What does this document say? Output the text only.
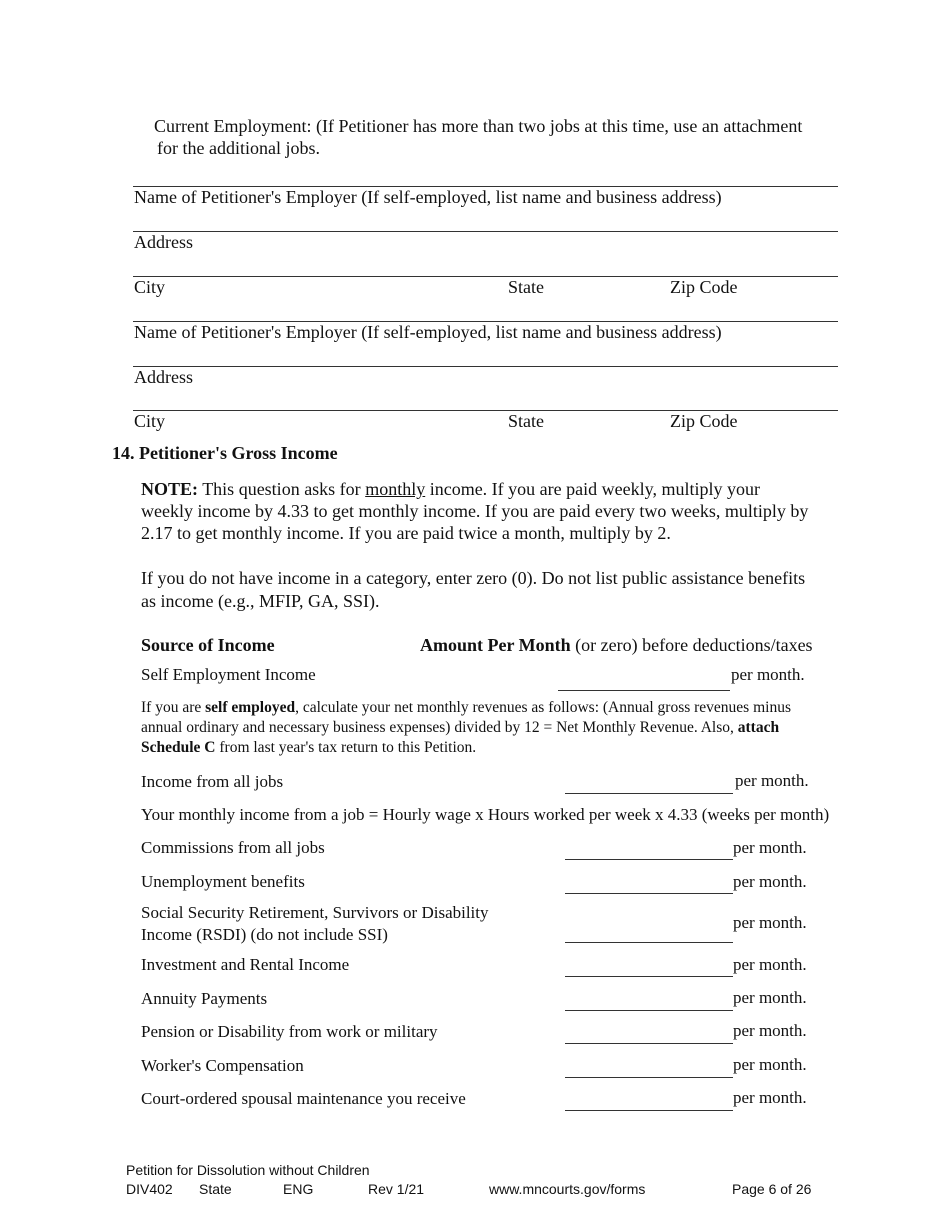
Current Employment: (If Petitioner has more than two jobs at this time, use an attachment
for the additional jobs.
Name of Petitioner's Employer (If self-employed, list name and business address)
Address
City	State	Zip Code
Name of Petitioner's Employer (If self-employed, list name and business address)
Address
City	State	Zip Code
14. Petitioner's Gross Income
NOTE: This question asks for monthly income. If you are paid weekly, multiply your
weekly income by 4.33 to get monthly income. If you are paid every two weeks, multiply by
2.17 to get monthly income. If you are paid twice a month, multiply by 2.
If you do not have income in a category, enter zero (0). Do not list public assistance benefits
as income (e.g., MFIP, GA, SSI).
Source of Income	Amount Per Month (or zero) before deductions/taxes
Self Employment Income	per month.
If you are self employed, calculate your net monthly revenues as follows: (Annual gross revenues minus
annual ordinary and necessary business expenses) divided by 12 = Net Monthly Revenue. Also, attach
Schedule C from last year's tax return to this Petition.
Income from all jobs	per month.
Your monthly income from a job = Hourly wage x Hours worked per week x 4.33 (weeks per month)
Commissions from all jobs	per month.
Unemployment benefits	per month.
Social Security Retirement, Survivors or Disability
Income (RSDI) (do not include SSI)
per month.
Investment and Rental Income	per month.
Annuity Payments	per month.
Pension or Disability from work or military	per month.
Worker's Compensation	per month.
Court-ordered spousal maintenance you receive	per month.
Petition for Dissolution without Children
DIV402 State	ENG	Rev 1/21	www.mncourts.gov/forms	Page 6 of 26
